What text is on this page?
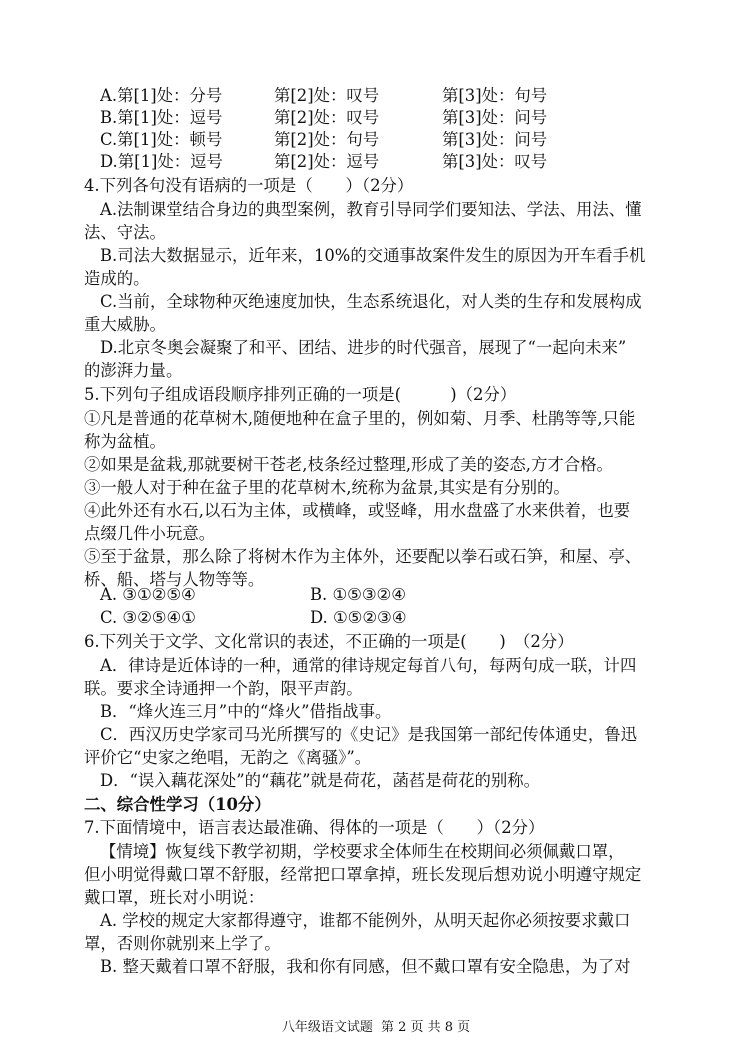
A.第[1]处：分号	第[2]处：叹号	第[3]处：句号
B.第[1]处：逗号	第[2]处：叹号	第[3]处：问号
C.第[1]处：顿号	第[2]处：句号	第[3]处：问号
D.第[1]处：逗号	第[2]处：逗号	第[3]处：叹号
4.下列各句没有语病的一项是（　　）（2分）
A.法制课堂结合身边的典型案例，教育引导同学们要知法、学法、用法、懂
法、守法。
B.司法大数据显示，近年来，10%的交通事故案件发生的原因为开车看手机
造成的。
C.当前，全球物种灭绝速度加快，生态系统退化，对人类的生存和发展构成
重大威胁。
D.北京冬奥会凝聚了和平、团结、进步的时代强音，展现了“一起向未来”
的澎湃力量。
5.下列句子组成语段顺序排列正确的一项是(　　　)（2分）
①凡是普通的花草树木,随便地种在盒子里的，例如菊、月季、杜鹃等等,只能
称为盆植。
②如果是盆栽,那就要树干苍老,枝条经过整理,形成了美的姿态,方才合格。
③一般人对于种在盆子里的花草树木,统称为盆景,其实是有分别的。
④此外还有水石,以石为主体，或横峰，或竖峰，用水盘盛了水来供着，也要
点缀几件小玩意。
⑤至于盆景，那么除了将树木作为主体外，还要配以拳石或石笋，和屋、亭、
桥、船、塔与人物等等。
A. ③①②⑤④	B. ①⑤③②④
C. ③②⑤④①	D. ①⑤②③④
6.下列关于文学、文化常识的表述，不正确的一项是(　　)　（2分）
A．律诗是近体诗的一种，通常的律诗规定每首八句，每两句成一联，计四
联。要求全诗通押一个韵，限平声韵。
B．“烽火连三月”中的“烽火”借指战事。
C．西汉历史学家司马光所撰写的《史记》是我国第一部纪传体通史，鲁迅
评价它“史家之绝唱，无韵之《离骚》”。
D．“误入藕花深处”的“藕花”就是荷花，菡萏是荷花的别称。
二、综合性学习（10分）
7.下面情境中，语言表达最准确、得体的一项是（　　）（2分）
【情境】恢复线下教学初期，学校要求全体师生在校期间必须佩戴口罩，
但小明觉得戴口罩不舒服，经常把口罩拿掉，班长发现后想劝说小明遵守规定
戴口罩，班长对小明说：
A. 学校的规定大家都得遵守，谁都不能例外，从明天起你必须按要求戴口
罩，否则你就别来上学了。
B. 整天戴着口罩不舒服，我和你有同感，但不戴口罩有安全隐患，为了对
八年级语文试题 第 2 页 共 8 页
